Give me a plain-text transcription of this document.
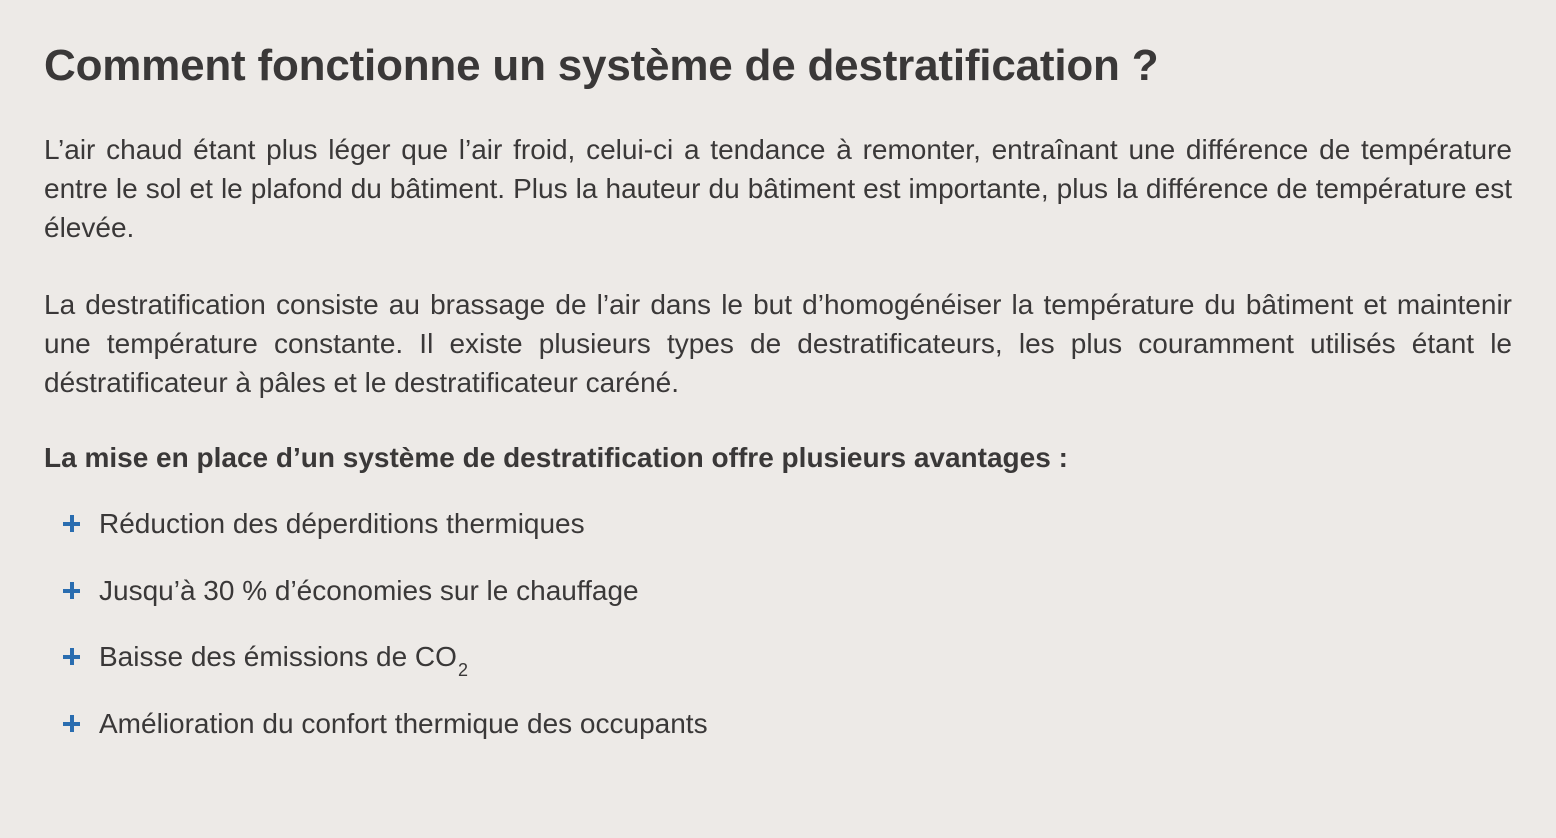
Comment fonctionne un système de destratification ?

L’air chaud étant plus léger que l’air froid, celui-ci a tendance à remonter, entraînant une différence de température entre le sol et le plafond du bâtiment. Plus la hauteur du bâtiment est importante, plus la différence de température est élevée.

La destratification consiste au brassage de l’air dans le but d’homogénéiser la température du bâtiment et maintenir une température constante. Il existe plusieurs types de destratificateurs, les plus couramment utilisés étant le déstratificateur à pâles et le destratificateur caréné.

La mise en place d’un système de destratification offre plusieurs avantages :
Réduction des déperditions thermiques
Jusqu’à 30 % d’économies sur le chauffage
Baisse des émissions de $CO_2$
Amélioration du confort thermique des occupants
